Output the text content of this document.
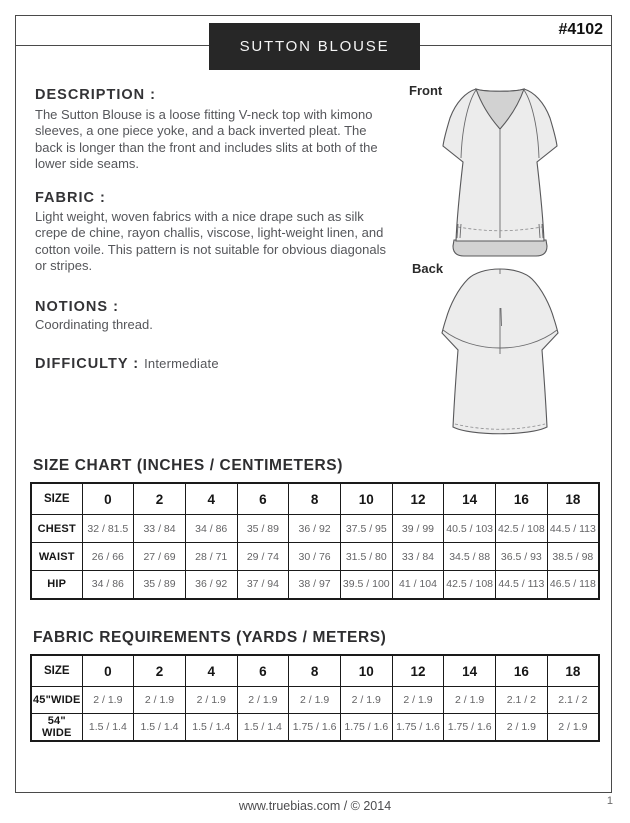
SUTTON BLOUSE
#4102
DESCRIPTION :
The Sutton Blouse is a loose fitting V-neck top with kimono sleeves, a one piece yoke, and a back inverted pleat. The back is longer than the front and includes slits at both of the lower side seams.
FABRIC :
Light weight, woven fabrics with a nice drape such as silk crepe de chine, rayon challis, viscose, light-weight linen, and cotton voile. This pattern is not suitable for obvious diagonals or stripes.
NOTIONS :
Coordinating thread.
DIFFICULTY : Intermediate
Front
Back
SIZE CHART (INCHES / CENTIMETERS)
SIZE	0	2	4	6	8	10	12	14	16	18
CHEST	32 / 81.5	33 / 84	34 / 86	35 / 89	36 / 92	37.5 / 95	39 / 99	40.5 / 103	42.5 / 108	44.5 / 113
WAIST	26 / 66	27 / 69	28 / 71	29 / 74	30 / 76	31.5 / 80	33 / 84	34.5 / 88	36.5 / 93	38.5 / 98
HIP	34 / 86	35 / 89	36 / 92	37 / 94	38 / 97	39.5 / 100	41 / 104	42.5 / 108	44.5 / 113	46.5 / 118
FABRIC REQUIREMENTS (YARDS / METERS)
SIZE	0	2	4	6	8	10	12	14	16	18
45"WIDE	2 / 1.9	2 / 1.9	2 / 1.9	2 / 1.9	2 / 1.9	2 / 1.9	2 / 1.9	2 / 1.9	2.1 / 2	2.1 / 2
54" WIDE	1.5 / 1.4	1.5 / 1.4	1.5 / 1.4	1.5 / 1.4	1.75 / 1.6	1.75 / 1.6	1.75 / 1.6	1.75 / 1.6	2 / 1.9	2 / 1.9
www.truebias.com / © 2014	1
